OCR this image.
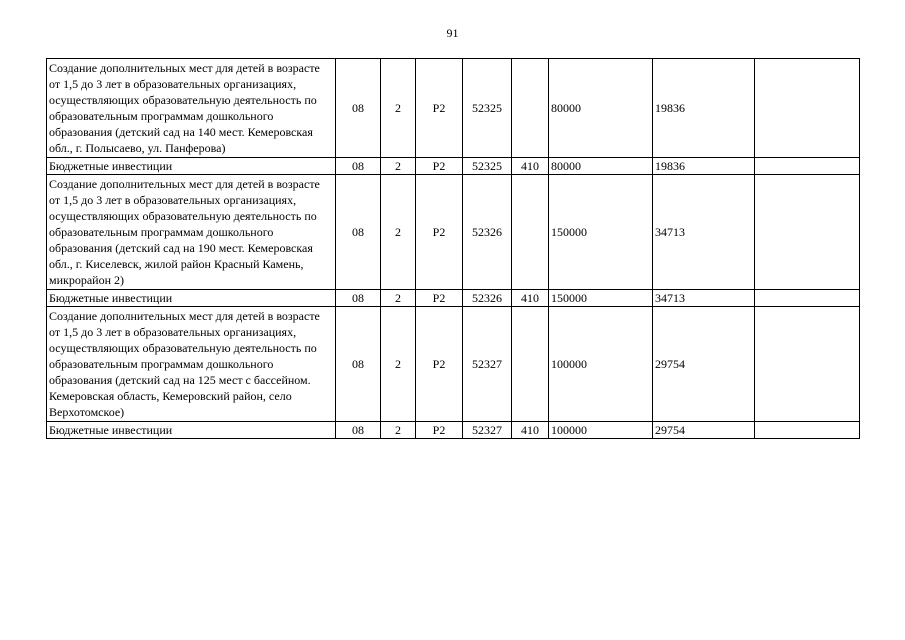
91
Создание дополнительных мест для детей в возрасте от 1,5 до 3 лет в образовательных организациях, осуществляющих образовательную деятельность по образовательным программам дошкольного образования (детский сад на 140 мест. Кемеровская обл., г. Полысаево, ул. Панферова)	08	2	P2	52325		80000	19836	
Бюджетные инвестиции	08	2	P2	52325	410	80000	19836	
Создание дополнительных мест для детей в возрасте от 1,5 до 3 лет в образовательных организациях, осуществляющих образовательную деятельность по образовательным программам дошкольного образования (детский сад на 190 мест. Кемеровская обл., г. Киселевск, жилой район Красный Камень, микрорайон 2)	08	2	P2	52326		150000	34713	
Бюджетные инвестиции	08	2	P2	52326	410	150000	34713	
Создание дополнительных мест для детей в возрасте от 1,5 до 3 лет в образовательных организациях, осуществляющих образовательную деятельность по образовательным программам дошкольного образования (детский сад на 125 мест с бассейном. Кемеровская область, Кемеровский район, село Верхотомское)	08	2	P2	52327		100000	29754	
Бюджетные инвестиции	08	2	P2	52327	410	100000	29754	
